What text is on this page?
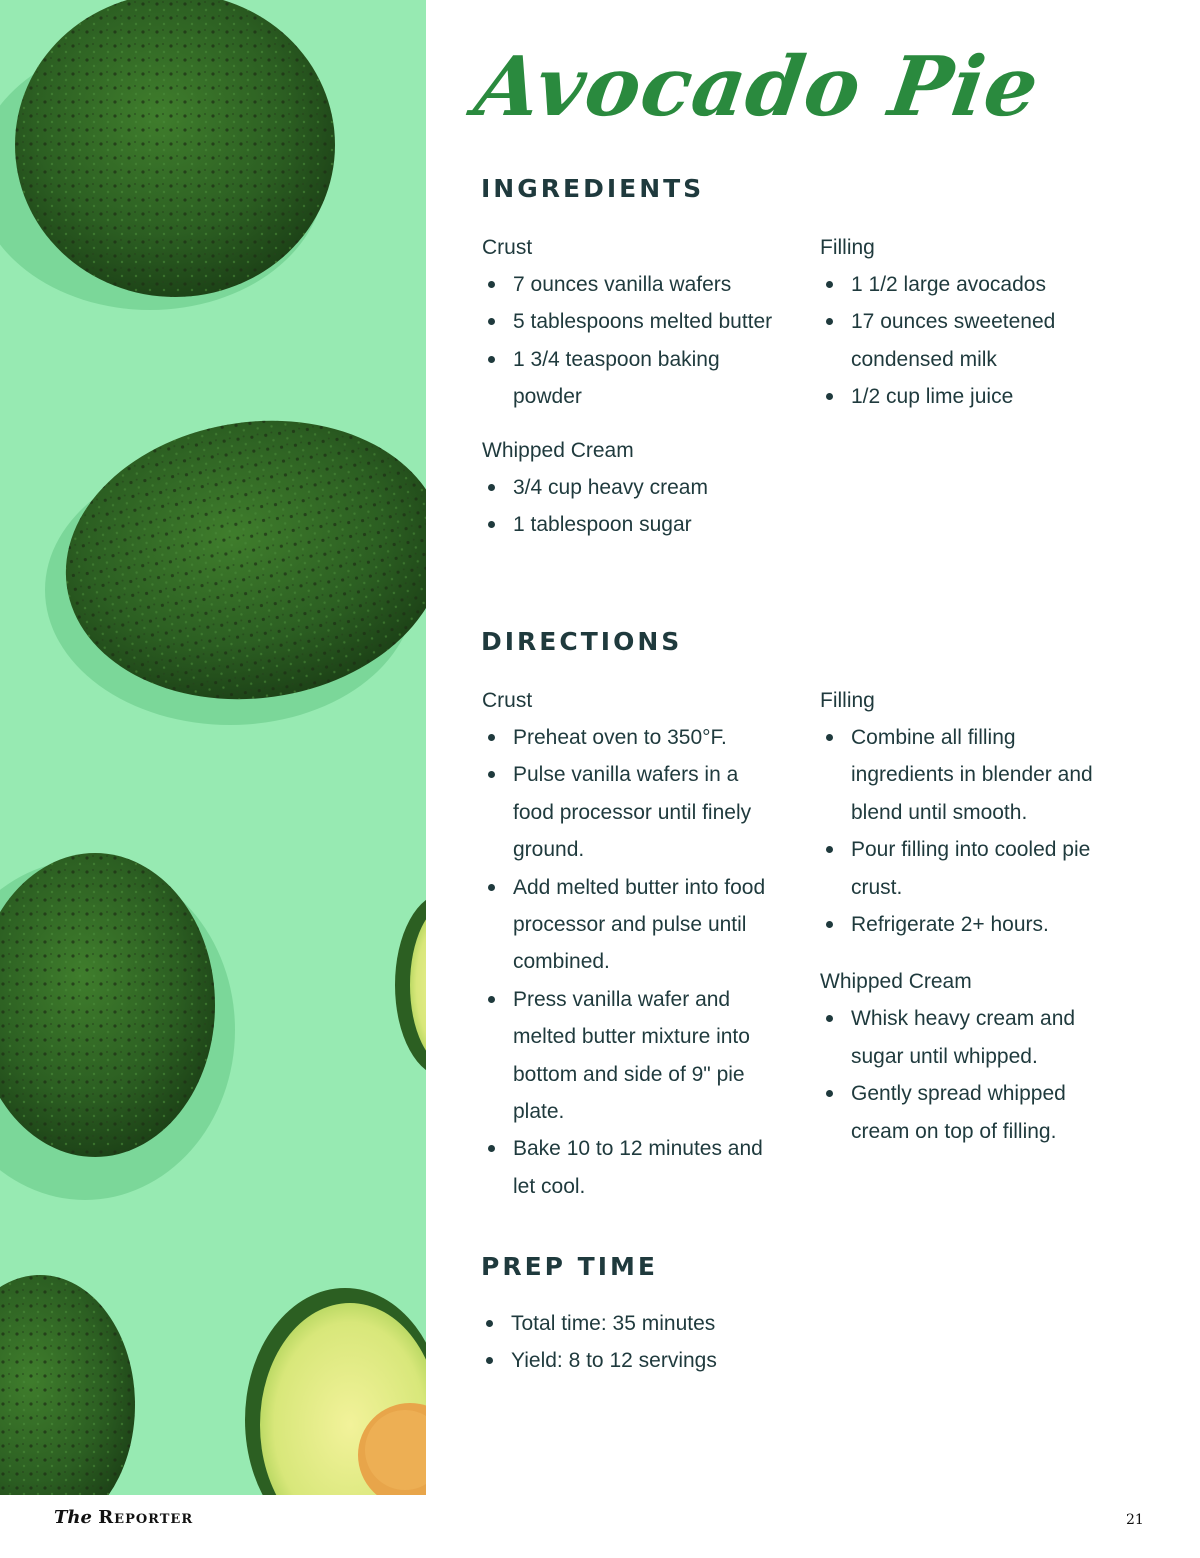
Avocado Pie
INGREDIENTS

Crust

7 ounces vanilla wafers
5 tablespoons melted butter
1 3/4 teaspoon baking powder

Whipped Cream

3/4 cup heavy cream
1 tablespoon sugar

Filling

1 1/2 large avocados
17 ounces sweetened condensed milk
1/2 cup lime juice
DIRECTIONS

Crust

Preheat oven to 350°F.
Pulse vanilla wafers in a food processor until finely ground.
Add melted butter into food processor and pulse until combined.
Press vanilla wafer and melted butter mixture into bottom and side of 9" pie plate.
Bake 10 to 12 minutes and let cool.

Filling

Combine all filling ingredients in blender and blend until smooth.
Pour filling into cooled pie crust.
Refrigerate 2+ hours.

Whipped Cream

Whisk heavy cream and sugar until whipped.
Gently spread whipped cream on top of filling.
PREP TIME
Total time: 35 minutes
Yield: 8 to 12 servings
The Reporter	21
